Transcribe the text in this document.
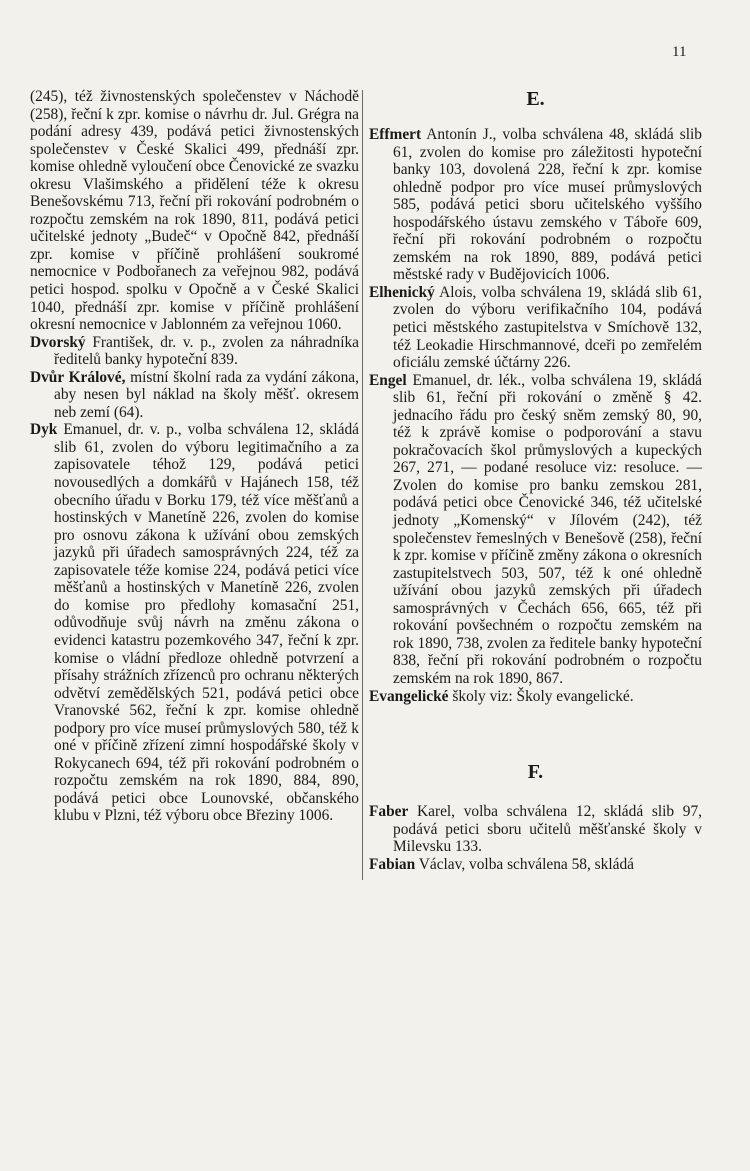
11

(245), též živnostenských společenstev v Náchodě (258), řeční k zpr. komise o návrhu dr. Jul. Grégra na podání adresy 439, podává petici živnostenských společenstev v České Skalici 499, přednáší zpr. komise ohledně vyloučení obce Čenovické ze svazku okresu Vlašimského a přidělení téže k okresu Benešovskému 713, řeční při rokování podrobném o rozpočtu zemském na rok 1890, 811, podává petici učitelské jednoty „Budeč“ v Opočně 842, přednáší zpr. komise v příčině prohlášení soukromé nemocnice v Podbořanech za veřejnou 982, podává petici hospod. spolku v Opočně a v České Skalici 1040, přednáší zpr. komise v příčině prohlášení okresní nemocnice v Jablonném za veřejnou 1060.

Dvorský František, dr. v. p., zvolen za náhradníka ředitelů banky hypoteční 839.

Dvůr Králové, místní školní rada za vydání zákona, aby nesen byl náklad na školy měšť. okresem neb zemí (64).

Dyk Emanuel, dr. v. p., volba schválena 12, skládá slib 61, zvolen do výboru legitimačního a za zapisovatele téhož 129, podává petici novousedlých a domkářů v Hajánech 158, též obecního úřadu v Borku 179, též více měšťanů a hostinských v Manetíně 226, zvolen do komise pro osnovu zákona k užívání obou zemských jazyků při úřadech samosprávných 224, též za zapisovatele téže komise 224, podává petici více měšťanů a hostinských v Manetíně 226, zvolen do komise pro předlohy komasační 251, odůvodňuje svůj návrh na změnu zákona o evidenci katastru pozemkového 347, řeční k zpr. komise o vládní předloze ohledně potvrzení a přísahy strážních zřízenců pro ochranu některých odvětví zemědělských 521, podává petici obce Vranovské 562, řeční k zpr. komise ohledně podpory pro více museí průmyslových 580, též k oné v příčině zřízení zimní hospodářské školy v Rokycanech 694, též při rokování podrobném o rozpočtu zemském na rok 1890, 884, 890, podává petici obce Lounovské, občanského klubu v Plzni, též výboru obce Březiny 1006.

E.

Effmert Antonín J., volba schválena 48, skládá slib 61, zvolen do komise pro záležitosti hypoteční banky 103, dovolená 228, řeční k zpr. komise ohledně podpor pro více museí průmyslových 585, podává petici sboru učitelského vyššího hospodářského ústavu zemského v Táboře 609, řeční při rokování podrobném o rozpočtu zemském na rok 1890, 889, podává petici městské rady v Budějovicích 1006.

Elhenický Alois, volba schválena 19, skládá slib 61, zvolen do výboru verifikačního 104, podává petici městského zastupitelstva v Smíchově 132, též Leokadie Hirschmannové, dceři po zemřelém oficiálu zemské účtárny 226.

Engel Emanuel, dr. lék., volba schválena 19, skládá slib 61, řeční při rokování o změně § 42. jednacího řádu pro český sněm zemský 80, 90, též k zprávě komise o podporování a stavu pokračovacích škol průmyslových a kupeckých 267, 271, — podané resoluce viz: resoluce. — Zvolen do komise pro banku zemskou 281, podává petici obce Čenovické 346, též učitelské jednoty „Komenský“ v Jílovém (242), též společenstev řemeslných v Benešově (258), řeční k zpr. komise v příčině změny zákona o okresních zastupitelstvech 503, 507, též k oné ohledně užívání obou jazyků zemských při úřadech samosprávných v Čechách 656, 665, též při rokování povšechném o rozpočtu zemském na rok 1890, 738, zvolen za ředitele banky hypoteční 838, řeční při rokování podrobném o rozpočtu zemském na rok 1890, 867.

Evangelické školy viz: Školy evangelické.

F.

Faber Karel, volba schválena 12, skládá slib 97, podává petici sboru učitelů měšťanské školy v Milevsku 133.

Fabian Václav, volba schválena 58, skládá
